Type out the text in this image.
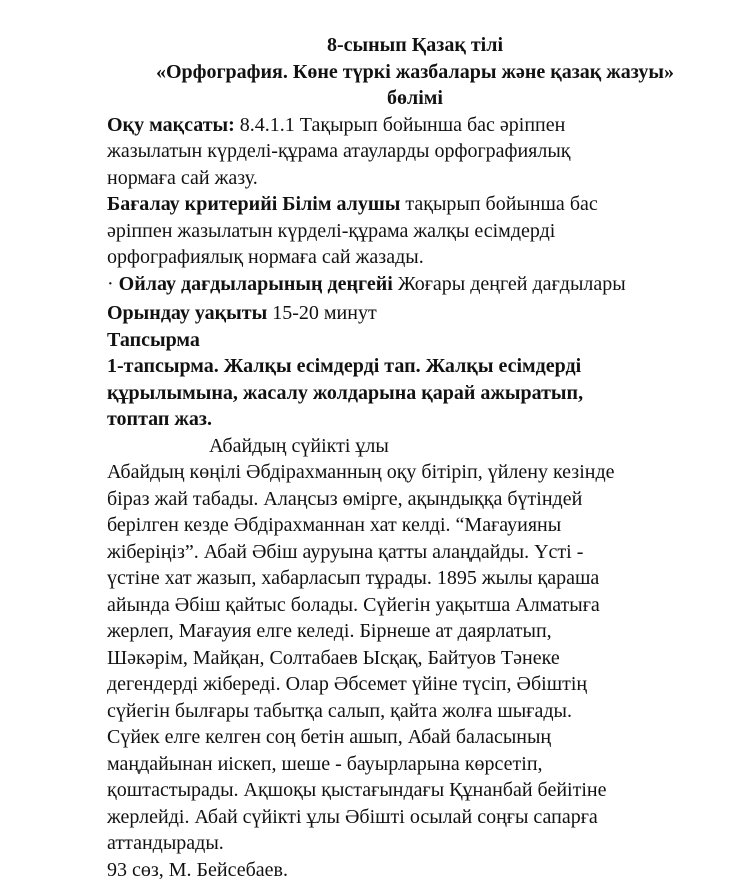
8-сынып Қазақ тілі
«Орфография. Көне түркі жазбалары және қазақ жазуы»
бөлімі
Оқу мақсаты: 8.4.1.1 Тақырып бойынша бас әріппен
жазылатын күрделі-құрама атауларды орфографиялық
нормаға сай жазу.
Бағалау критерийі Білім алушы тақырып бойынша бас
әріппен жазылатын күрделі-құрама жалқы есімдерді
орфографиялық нормаға сай жазады.
· Ойлау дағдыларының деңгейі Жоғары деңгей дағдылары
Орындау уақыты 15-20 минут
Тапсырма
1-тапсырма. Жалқы есімдерді тап. Жалқы есімдерді
құрылымына, жасалу жолдарына қарай ажыратып,
топтап жаз.
Абайдың сүйікті ұлы
Абайдың көңілі Әбдірахманның оқу бітіріп, үйлену кезінде
біраз жай табады. Алаңсыз өмірге, ақындыққа бүтіндей
берілген кезде Әбдірахманнан хат келді. “Мағауияны
жіберіңіз”. Абай Әбіш ауруына қатты алаңдайды. Үсті -
үстіне хат жазып, хабарласып тұрады. 1895 жылы қараша
айында Әбіш қайтыс болады. Сүйегін уақытша Алматыға
жерлеп, Мағауия елге келеді. Бірнеше ат даярлатып,
Шәкәрім, Майқан, Солтабаев Ысқақ, Байтуов Тәнеке
дегендерді жібереді. Олар Әбсемет үйіне түсіп, Әбіштің
сүйегін былғары табытқа салып, қайта жолға шығады.
Сүйек елге келген соң бетін ашып, Абай баласының
маңдайынан иіскеп, шеше - бауырларына көрсетіп,
қоштастырады. Ақшоқы қыстағындағы Құнанбай бейітіне
жерлейді. Абай сүйікті ұлы Әбішті осылай соңғы сапарға
аттандырады.
93 сөз, М. Бейсебаев.
